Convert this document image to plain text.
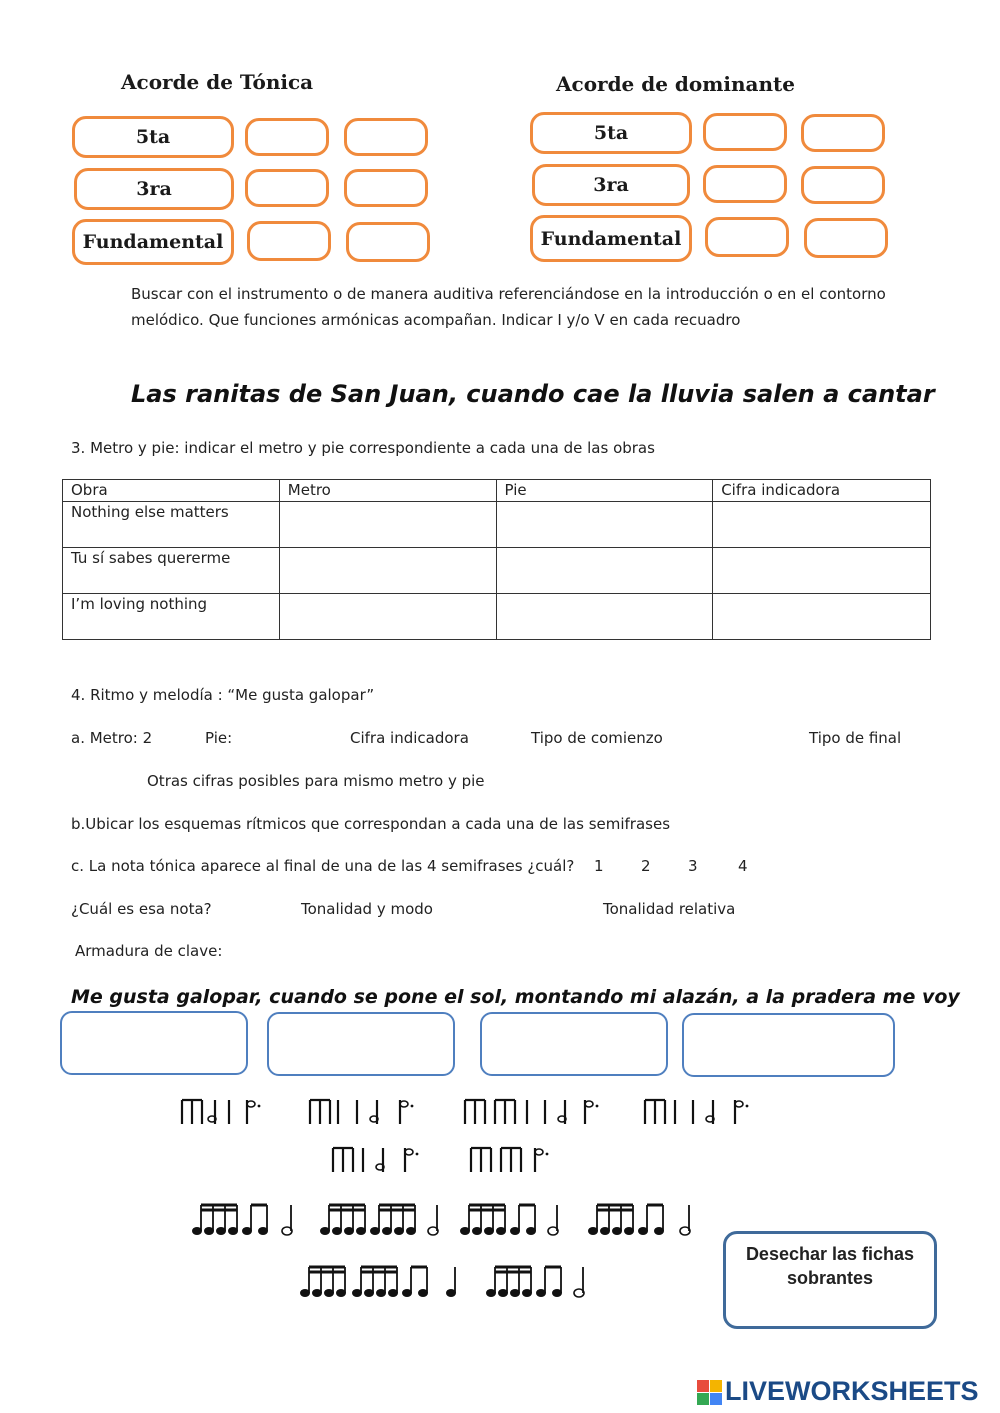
Acorde de Tónica	Acorde de dominante
5ta
3ra
Fundamental
5ta
3ra
Fundamental
Buscar con el instrumento o de manera auditiva referenciándose en la introducción o en el contorno
melódico. Que funciones armónicas acompañan. Indicar I y/o V en cada recuadro
Las ranitas de San Juan, cuando cae la lluvia salen a cantar
3. Metro y pie: indicar el metro y pie correspondiente a cada una de las obras
Obra	Metro	Pie	Cifra indicadora
Nothing else matters			
Tu sí sabes quererme			
I’m loving nothing			
4. Ritmo y melodía : “Me gusta galopar”
a. Metro: 2	Pie:	Cifra indicadora	Tipo de comienzo	Tipo de final
Otras cifras posibles para mismo metro y pie
b.Ubicar los esquemas rítmicos que correspondan a cada una de las semifrases
c. La nota tónica aparece al final de una de las 4 semifrases ¿cuál? 1 2 3	4
¿Cuál es esa nota?	Tonalidad y modo	Tonalidad relativa
Armadura de clave:
Me gusta galopar, cuando se pone el sol, montando mi alazán, a la pradera me voy
Desechar las fichas
sobrantes
LIVEWORKSHEETS
